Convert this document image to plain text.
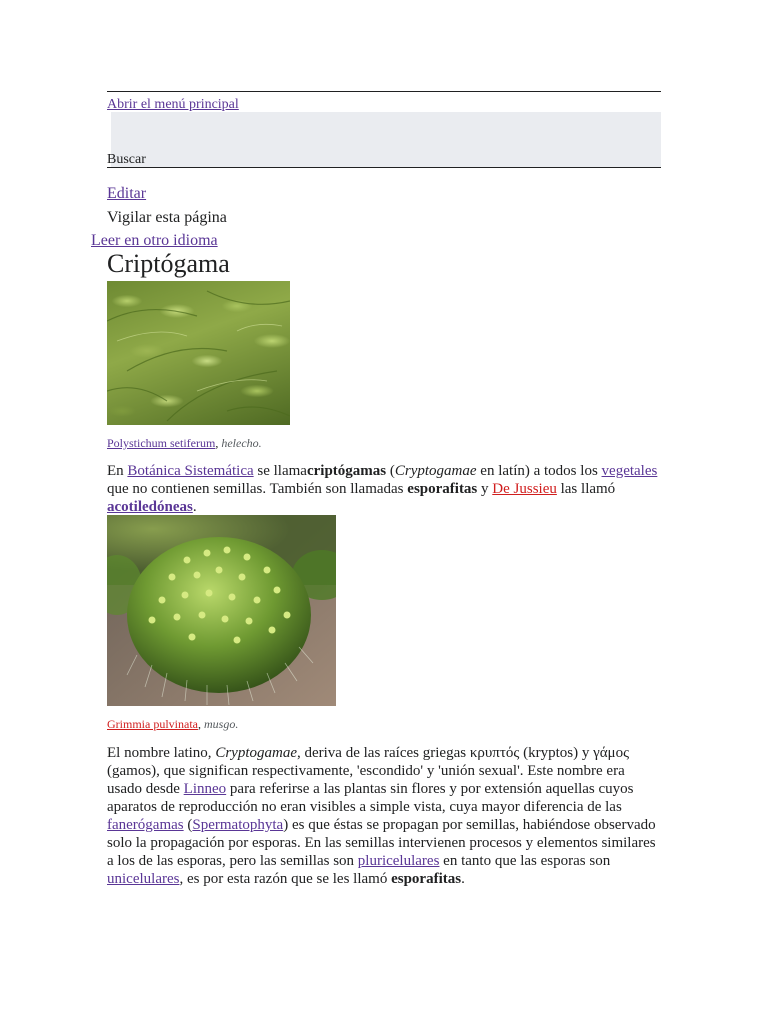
Abrir el menú principal
Buscar
Editar
Vigilar esta página
Leer en otro idioma
Criptógama
Polystichum setiferum, helecho.

En Botánica Sistemática se llamacriptógamas (Cryptogamae en latín) a todos los vegetales que no contienen semillas. También son llamadas esporafitas y De Jussieu las llamó acotiledóneas.

Grimmia pulvinata, musgo.

El nombre latino, Cryptogamae, deriva de las raíces griegas κρυπτός (kryptos) y γάμος (gamos), que significan respectivamente, 'escondido' y 'unión sexual'. Este nombre era usado desde Linneo para referirse a las plantas sin flores y por extensión aquellas cuyos aparatos de reproducción no eran visibles a simple vista, cuya mayor diferencia de las fanerógamas (Spermatophyta) es que éstas se propagan por semillas, habiéndose observado solo la propagación por esporas. En las semillas intervienen procesos y elementos similares a los de las esporas, pero las semillas son pluricelulares en tanto que las esporas son unicelulares, es por esta razón que se les llamó esporafitas.
